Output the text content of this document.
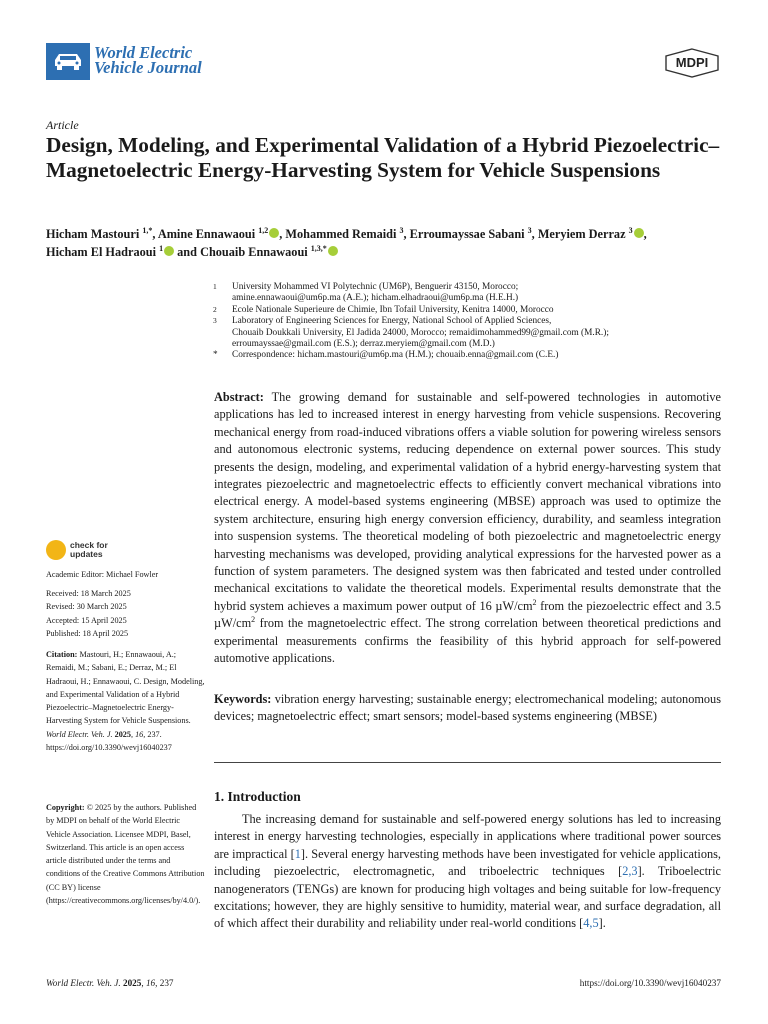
World Electric
Vehicle Journal	MDPI
Article
Design, Modeling, and Experimental Validation of a Hybrid Piezoelectric–Magnetoelectric Energy-Harvesting System for Vehicle Suspensions
Hicham Mastouri $^{1,*}$, Amine Ennawaoui $^{1,2}$ , Mohammed Remaidi $^3$, Erroumayssae Sabani $^3$, Meryiem Derraz $^3$ ,
Hicham El Hadraoui $^1$ and Chouaib Ennawaoui $^{1,3,*}$
1 University Mohammed VI Polytechnic (UM6P), Benguerir 43150, Morocco;
amine.ennawaoui@um6p.ma (A.E.); hicham.elhadraoui@um6p.ma (H.E.H.)
2 Ecole Nationale Superieure de Chimie, Ibn Tofail University, Kenitra 14000, Morocco
3 Laboratory of Engineering Sciences for Energy, National School of Applied Sciences,
Chouaib Doukkali University, El Jadida 24000, Morocco; remaidimohammed99@gmail.com (M.R.);
erroumayssae@gmail.com (E.S.); derraz.meryiem@gmail.com (M.D.)
* Correspondence: hicham.mastouri@um6p.ma (H.M.); chouaib.enna@gmail.com (C.E.)
Abstract: The growing demand for sustainable and self-powered technologies in automotive applications has led to increased interest in energy harvesting from vehicle suspensions. Recovering mechanical energy from road-induced vibrations offers a viable solution for powering wireless sensors and autonomous electronic systems, reducing dependence on external power sources. This study presents the design, modeling, and experimental validation of a hybrid energy-harvesting system that integrates piezoelectric and magnetoelectric effects to efficiently convert mechanical vibrations into electrical energy. A model-based systems engineering (MBSE) approach was used to optimize the system architecture, ensuring high energy conversion efficiency, durability, and seamless integration into suspension systems. The theoretical modeling of both piezoelectric and magnetoelectric energy harvesting mechanisms was developed, providing analytical expressions for the harvested power as a function of system parameters. The designed system was then fabricated and tested under controlled mechanical excitations to validate the theoretical models. Experimental results demonstrate that the hybrid system achieves a maximum power output of 16 $\mu W/cm^2$ from the piezoelectric effect and 3.5 $\mu W/cm^2$ from the magnetoelectric effect. The strong correlation between theoretical predictions and experimental measurements confirms the feasibility of this hybrid approach for self-powered automotive applications.
Keywords: vibration energy harvesting; sustainable energy; electromechanical modeling; autonomous devices; magnetoelectric effect; smart sensors; model-based systems engineering (MBSE)
check for
updates
Academic Editor: Michael Fowler
Received: 18 March 2025
Revised: 30 March 2025
Accepted: 15 April 2025
Published: 18 April 2025
Citation: Mastouri, H.; Ennawaoui, A.; Remaidi, M.; Sabani, E.; Derraz, M.; El Hadraoui, H.; Ennawaoui, C. Design, Modeling, and Experimental Validation of a Hybrid Piezoelectric–Magnetoelectric Energy-Harvesting System for Vehicle Suspensions. World Electr. Veh. J. 2025, 16, 237. https://doi.org/10.3390/wevj16040237
Copyright: © 2025 by the authors. Published by MDPI on behalf of the World Electric Vehicle Association. Licensee MDPI, Basel, Switzerland. This article is an open access article distributed under the terms and conditions of the Creative Commons Attribution (CC BY) license (https://creativecommons.org/licenses/by/4.0/).
1. Introduction
The increasing demand for sustainable and self-powered energy solutions has led to increasing interest in energy harvesting technologies, especially in applications where traditional power sources are impractical [1]. Several energy harvesting methods have been investigated for vehicle applications, including piezoelectric, electromagnetic, and triboelectric techniques [2,3]. Triboelectric nanogenerators (TENGs) are known for producing high voltages and being suitable for low-frequency excitations; however, they are highly sensitive to humidity, material wear, and surface degradation, all of which affect their durability and reliability under real-world conditions [4,5].
World Electr. Veh. J. 2025, 16, 237	https://doi.org/10.3390/wevj16040237
